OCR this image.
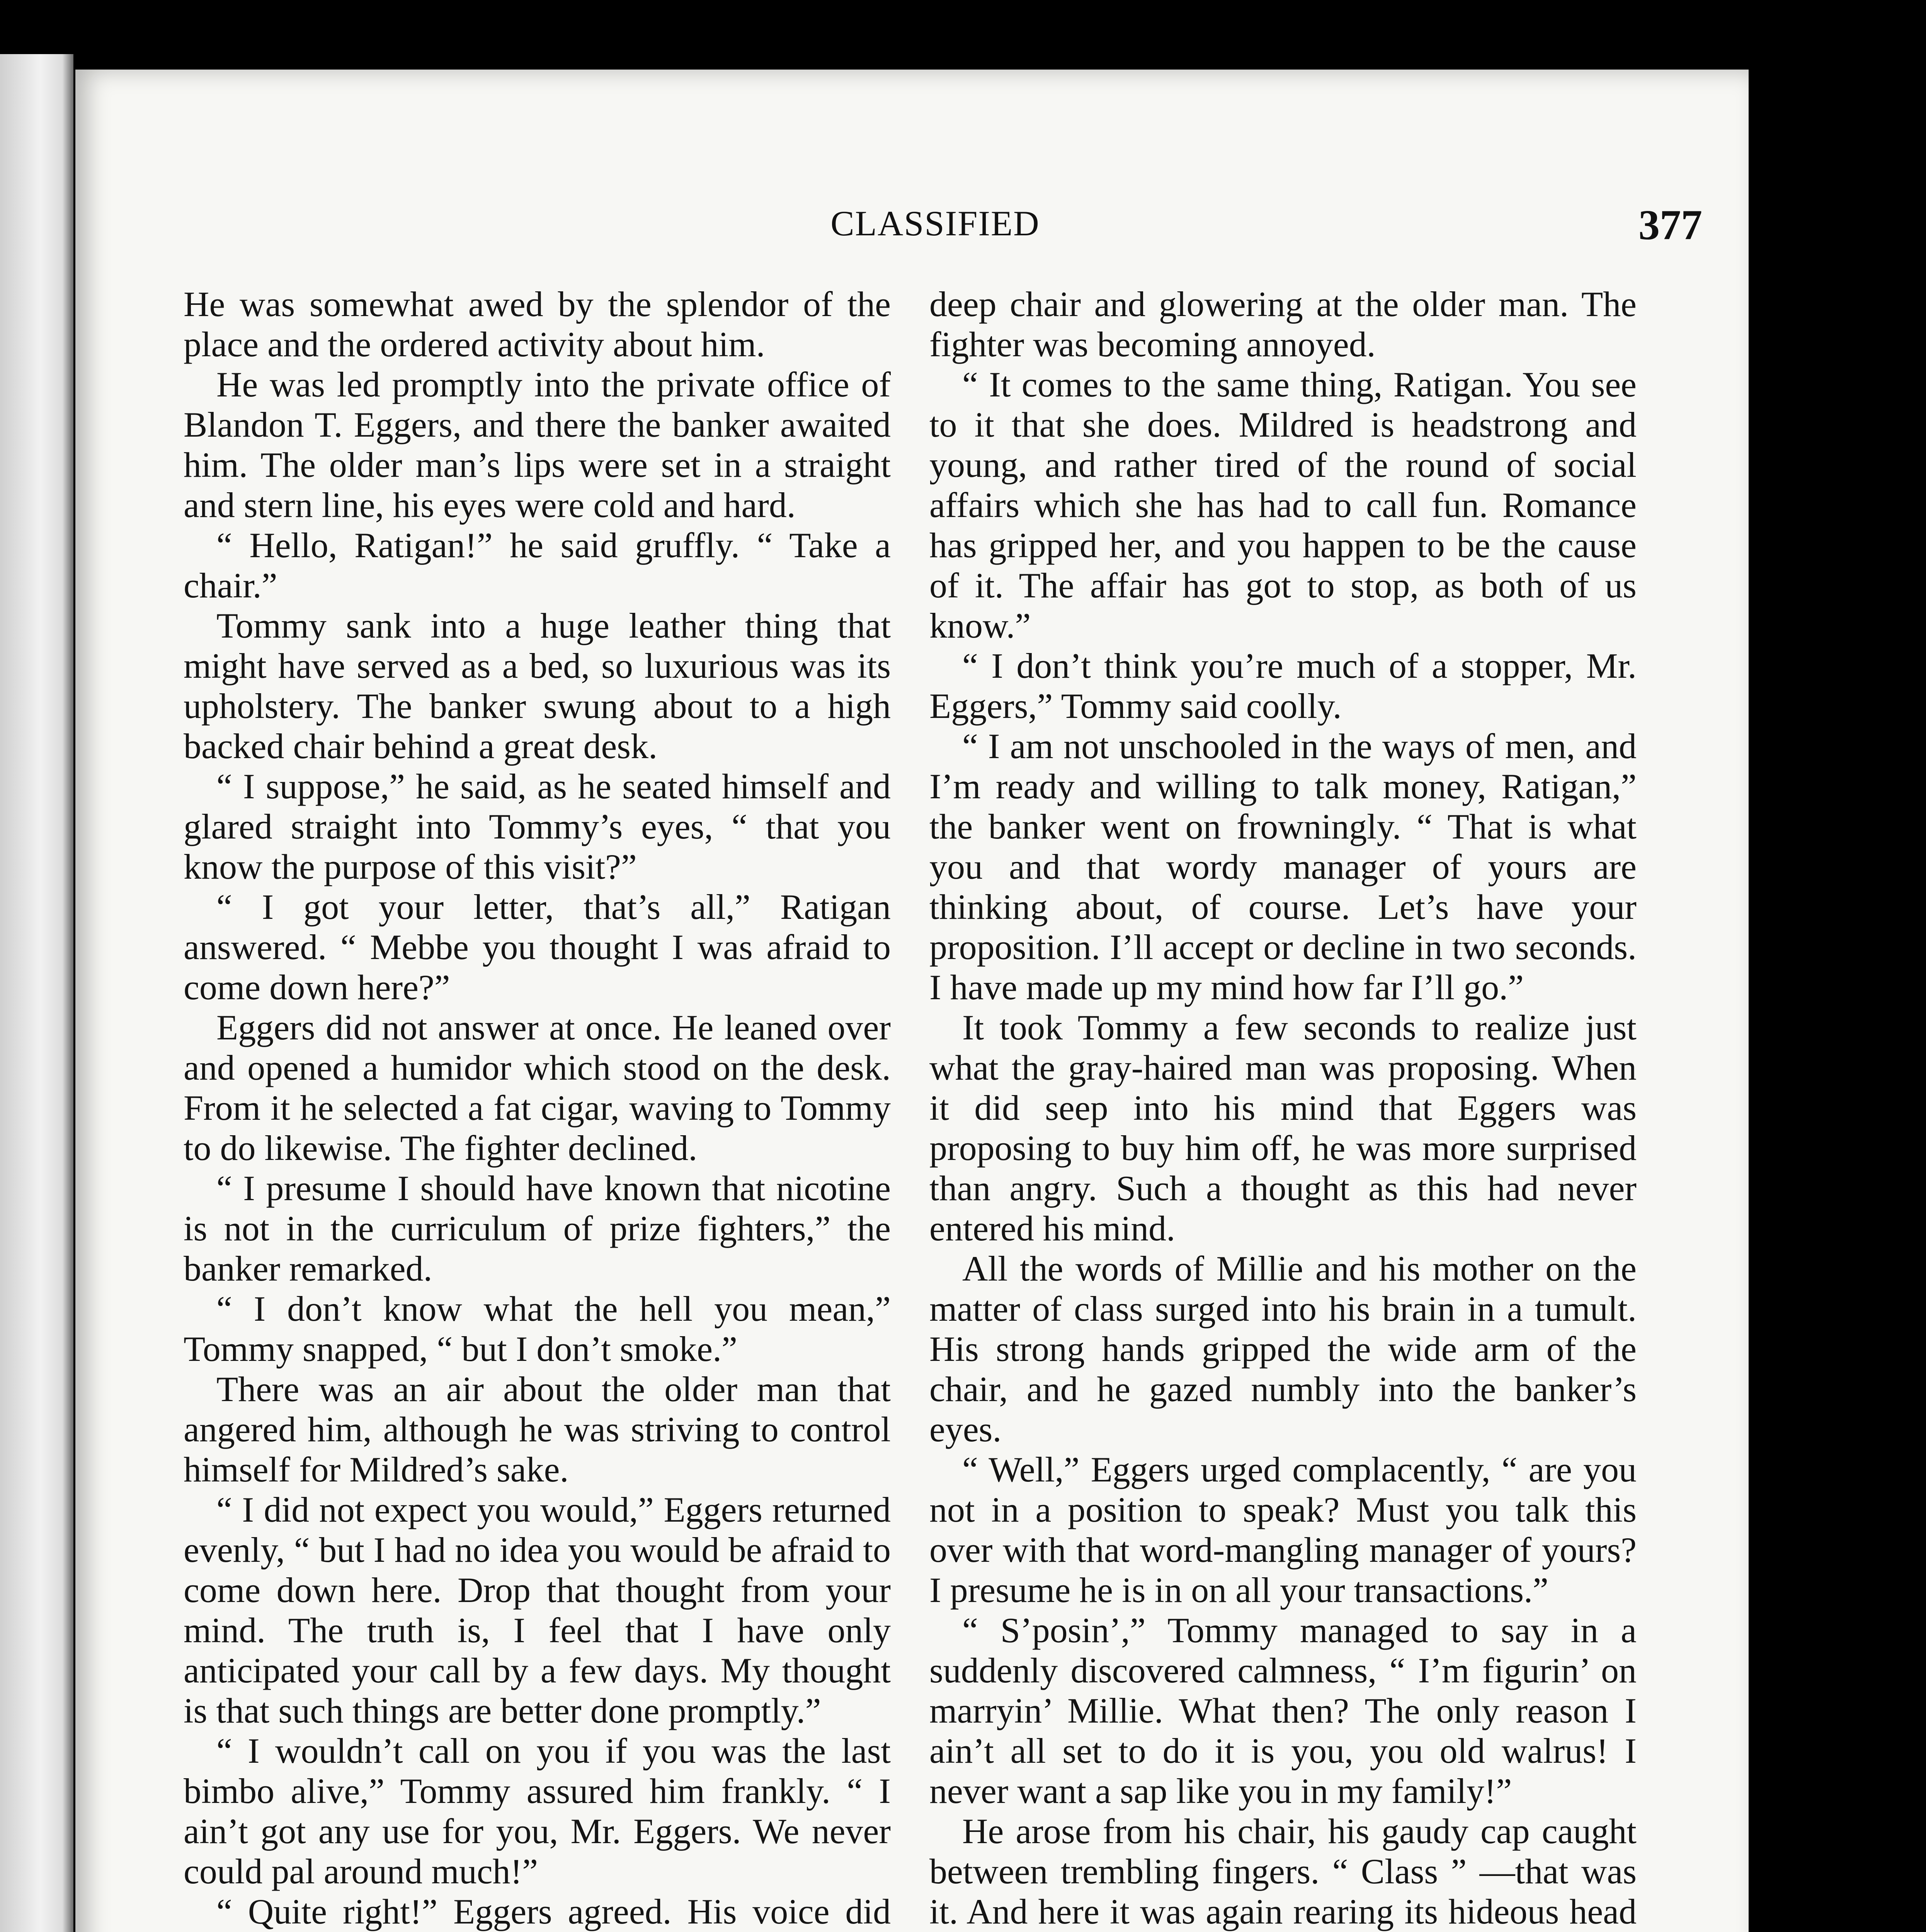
CLASSIFIED	377

He was somewhat awed by the splendor of the place and the ordered activity about him.

He was led promptly into the private office of Blandon T. Eggers, and there the banker awaited him. The older man’s lips were set in a straight and stern line, his eyes were cold and hard.

“ Hello, Ratigan!” he said gruffly. “ Take a chair.”

Tommy sank into a huge leather thing that might have served as a bed, so luxurious was its upholstery. The banker swung about to a high backed chair behind a great desk.

“ I suppose,” he said, as he seated himself and glared straight into Tommy’s eyes, “ that you know the purpose of this visit?”

“ I got your letter, that’s all,” Ratigan answered. “ Mebbe you thought I was afraid to come down here?”

Eggers did not answer at once. He leaned over and opened a humidor which stood on the desk. From it he selected a fat cigar, waving to Tommy to do likewise. The fighter declined.

“ I presume I should have known that nicotine is not in the curriculum of prize fighters,” the banker remarked.

“ I don’t know what the hell you mean,” Tommy snapped, “ but I don’t smoke.”

There was an air about the older man that angered him, although he was striving to control himself for Mildred’s sake.

“ I did not expect you would,” Eggers returned evenly, “ but I had no idea you would be afraid to come down here. Drop that thought from your mind. The truth is, I feel that I have only anticipated your call by a few days. My thought is that such things are better done promptly.”

“ I wouldn’t call on you if you was the last bimbo alive,” Tommy assured him frankly. “ I ain’t got any use for you, Mr. Eggers. We never could pal around much!”

“ Quite right!” Eggers agreed. His voice did

deep chair and glowering at the older man. The fighter was becoming annoyed.

“ It comes to the same thing, Ratigan. You see to it that she does. Mildred is headstrong and young, and rather tired of the round of social affairs which she has had to call fun. Romance has gripped her, and you happen to be the cause of it. The affair has got to stop, as both of us know.”

“ I don’t think you’re much of a stopper, Mr. Eggers,” Tommy said coolly.

“ I am not unschooled in the ways of men, and I’m ready and willing to talk money, Ratigan,” the banker went on frowningly. “ That is what you and that wordy manager of yours are thinking about, of course. Let’s have your proposition. I’ll accept or decline in two seconds. I have made up my mind how far I’ll go.”

It took Tommy a few seconds to realize just what the gray-haired man was proposing. When it did seep into his mind that Eggers was proposing to buy him off, he was more surprised than angry. Such a thought as this had never entered his mind.

All the words of Millie and his mother on the matter of class surged into his brain in a tumult. His strong hands gripped the wide arm of the chair, and he gazed numbly into the banker’s eyes.

“ Well,” Eggers urged complacently, “ are you not in a position to speak? Must you talk this over with that word-mangling manager of yours? I presume he is in on all your transactions.”

“ S’posin’,” Tommy managed to say in a suddenly discovered calmness, “ I’m figurin’ on marryin’ Millie. What then? The only reason I ain’t all set to do it is you, you old walrus! I never want a sap like you in my family!”

He arose from his chair, his gaudy cap caught between trembling fingers. “ Class ” —that was it. And here it was again rearing its hideous head
